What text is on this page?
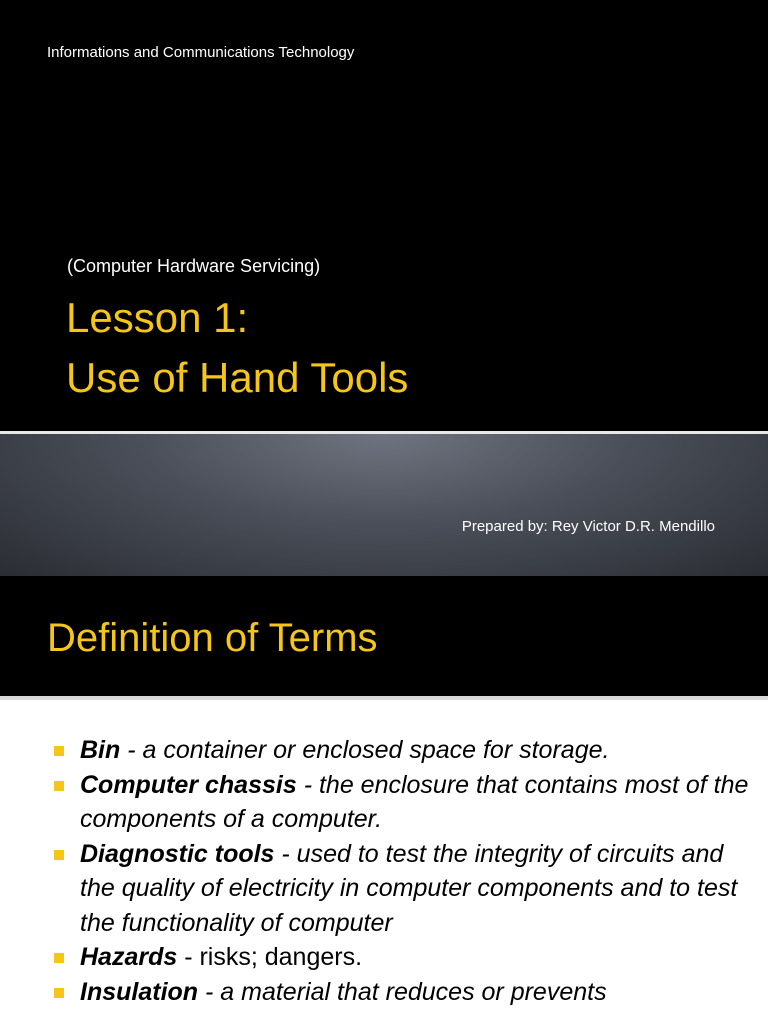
Informations and Communications Technology
(Computer Hardware Servicing)
Lesson 1:
Use of Hand Tools
Prepared by: Rey Victor D.R. Mendillo
Definition of Terms
Bin - a container or enclosed space for storage.
Computer chassis - the enclosure that contains most of the components of a computer.
Diagnostic tools - used to test the integrity of circuits and the quality of electricity in computer components and to test the functionality of computer
Hazards - risks; dangers.
Insulation - a material that reduces or prevents
